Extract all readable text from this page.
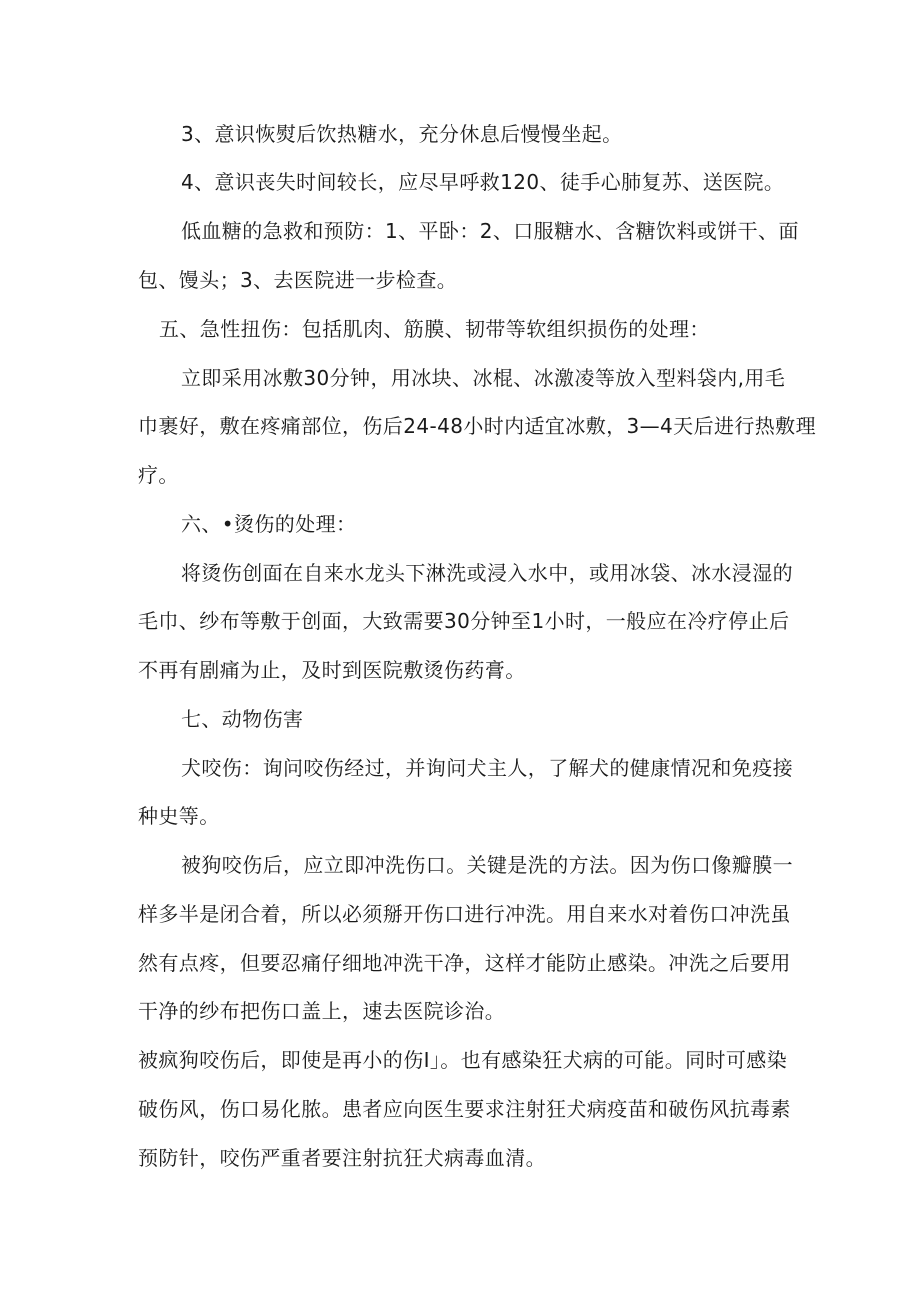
3、意识恢熨后饮热糖水，充分休息后慢慢坐起。
4、意识丧失时间较长，应尽早呼救120、徒手心肺复苏、送医院。
低血糖的急救和预防：1、平卧：2、口服糖水、含糖饮料或饼干、面
包、馒头；3、去医院进一步检查。
五、急性扭伤：包括肌肉、筋膜、韧带等软组织损伤的处理：
立即采用冰敷30分钟，用冰块、冰棍、冰激凌等放入型料袋内,用毛
巾裹好，敷在疼痛部位，伤后24-48小时内适宜冰敷，3—4天后进行热敷理
疗。
六、•烫伤的处理：
将烫伤创面在自来水龙头下淋洗或浸入水中，或用冰袋、冰水浸湿的
毛巾、纱布等敷于创面，大致需要30分钟至1小时，一般应在冷疗停止后
不再有剧痛为止，及时到医院敷烫伤药膏。
七、动物伤害
犬咬伤：询问咬伤经过，并询问犬主人，了解犬的健康情况和免疫接
种史等。
被狗咬伤后，应立即冲洗伤口。关键是洗的方法。因为伤口像瓣膜一
样多半是闭合着，所以必须掰开伤口进行冲洗。用自来水对着伤口冲洗虽
然有点疼，但要忍痛仔细地冲洗干净，这样才能防止感染。冲洗之后要用
干净的纱布把伤口盖上，速去医院诊治。
被疯狗咬伤后，即使是再小的伤I」。也有感染狂犬病的可能。同时可感染
破伤风，伤口易化脓。患者应向医生要求注射狂犬病疫苗和破伤风抗毒素
预防针，咬伤严重者要注射抗狂犬病毒血清。
